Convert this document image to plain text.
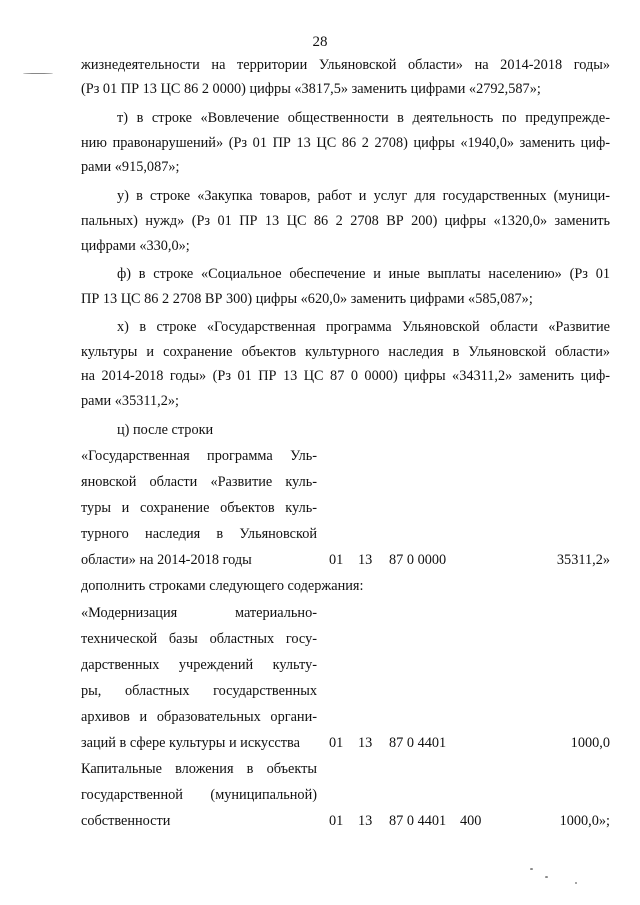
28
жизнедеятельности на территории Ульяновской области» на 2014-2018 годы»
(Рз 01 ПР 13 ЦС 86 2 0000) цифры «3817,5» заменить цифрами «2792,587»;
т) в строке «Вовлечение общественности в деятельность по предупрежде-
нию правонарушений» (Рз 01 ПР 13 ЦС 86 2 2708) цифры «1940,0» заменить циф-
рами «915,087»;
у) в строке «Закупка товаров, работ и услуг для государственных (муници-
пальных) нужд» (Рз 01 ПР 13 ЦС 86 2 2708 ВР 200) цифры «1320,0» заменить
цифрами «330,0»;
ф) в строке «Социальное обеспечение и иные выплаты населению» (Рз 01
ПР 13 ЦС 86 2 2708 ВР 300) цифры «620,0» заменить цифрами «585,087»;
х) в строке «Государственная программа Ульяновской области «Развитие
культуры и сохранение объектов культурного наследия в Ульяновской области»
на 2014-2018 годы» (Рз 01 ПР 13 ЦС 87 0 0000) цифры «34311,2» заменить циф-
рами «35311,2»;
ц) после строки
«Государственная программа Уль-
яновской области «Развитие куль-
туры и сохранение объектов куль-
турного наследия в Ульяновской
области» на 2014-2018 годы	01 13 87 0 0000	35311,2»
дополнить строками следующего содержания:
«Модернизация материально-
технической базы областных госу-
дарственных учреждений культу-
ры, областных государственных
архивов и образовательных органи-
заций в сфере культуры и искусства	01 13 87 0 4401	1000,0
Капитальные вложения в объекты
государственной (муниципальной)
собственности	01 13 87 0 4401 400	1000,0»;
